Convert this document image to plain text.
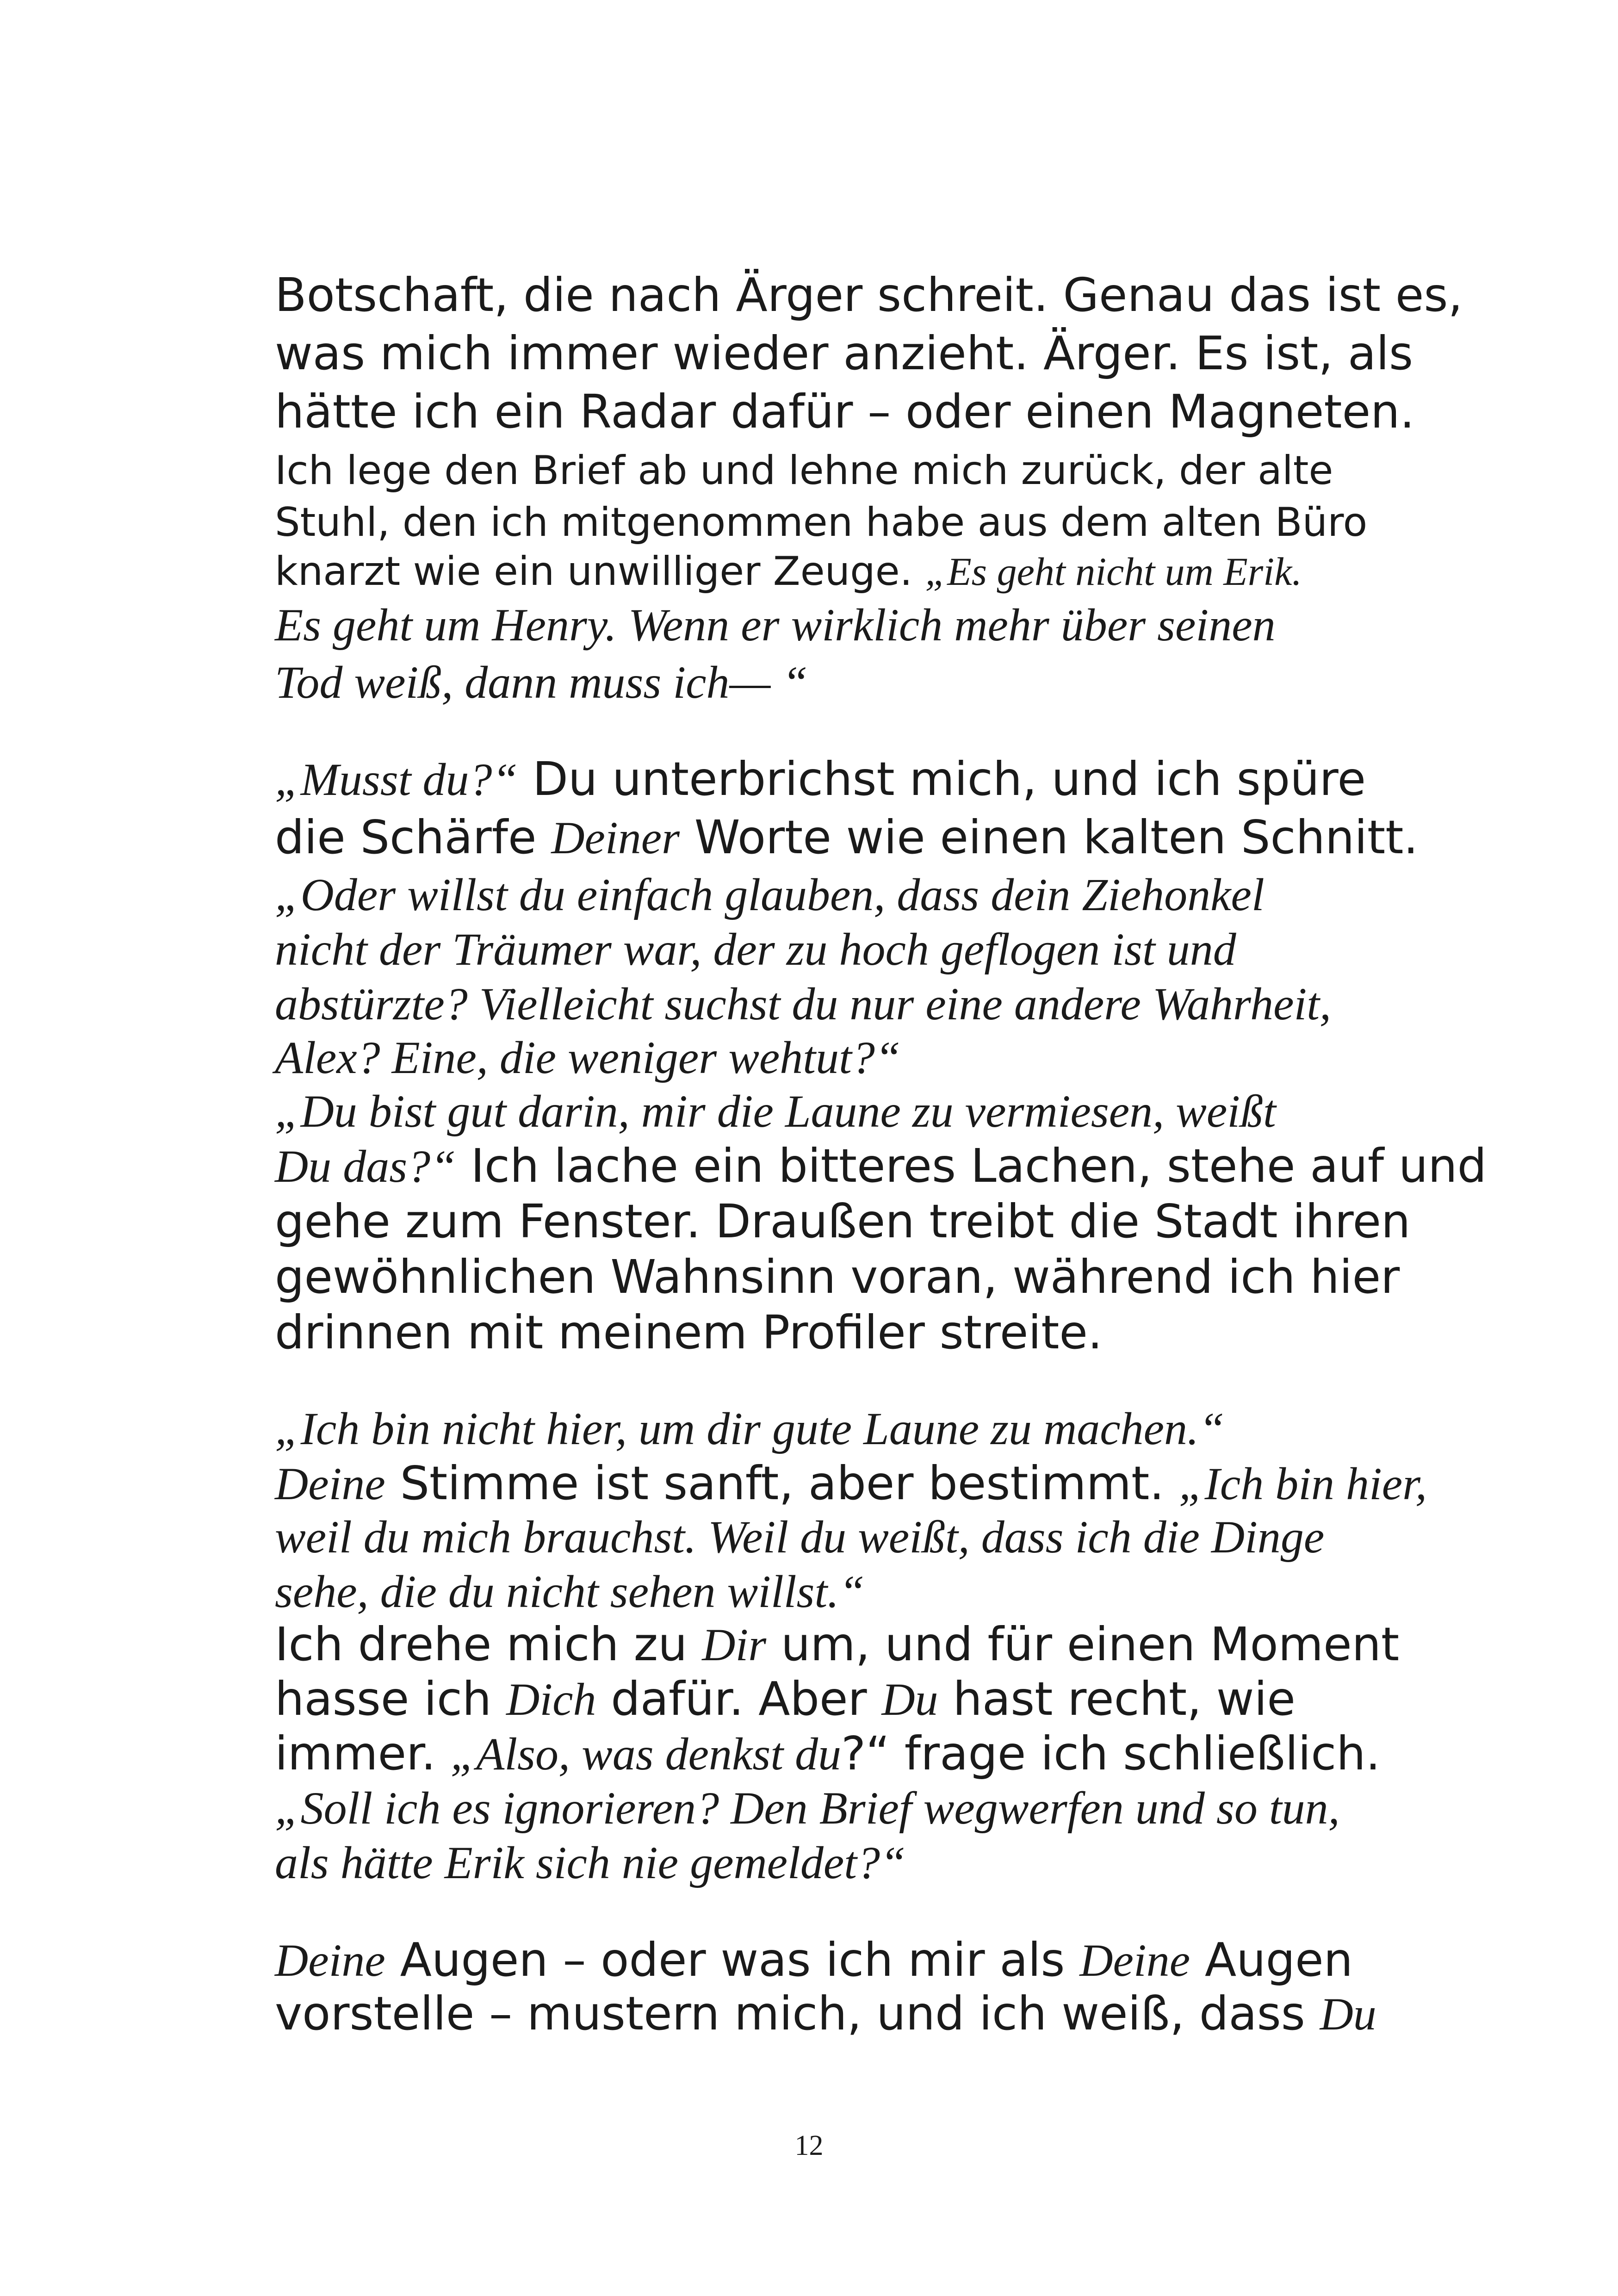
Botschaft, die nach Ärger schreit. Genau das ist es,
was mich immer wieder anzieht. Ärger. Es ist, als
hätte ich ein Radar dafür – oder einen Magneten.
Ich lege den Brief ab und lehne mich zurück, der alte
Stuhl, den ich mitgenommen habe aus dem alten Büro
knarzt wie ein unwilliger Zeuge. „Es geht nicht um Erik.
Es geht um Henry. Wenn er wirklich mehr über seinen
Tod weiß, dann muss ich— “
„Musst du?“ Du unterbrichst mich, und ich spüre
die Schärfe Deiner Worte wie einen kalten Schnitt.
„Oder willst du einfach glauben, dass dein Ziehonkel
nicht der Träumer war, der zu hoch geflogen ist und
abstürzte? Vielleicht suchst du nur eine andere Wahrheit,
Alex? Eine, die weniger wehtut?“
„Du bist gut darin, mir die Laune zu vermiesen, weißt
Du das?“ Ich lache ein bitteres Lachen, stehe auf und
gehe zum Fenster. Draußen treibt die Stadt ihren
gewöhnlichen Wahnsinn voran, während ich hier
drinnen mit meinem Profiler streite.
„Ich bin nicht hier, um dir gute Laune zu machen.“
Deine Stimme ist sanft, aber bestimmt. „Ich bin hier,
weil du mich brauchst. Weil du weißt, dass ich die Dinge
sehe, die du nicht sehen willst.“
Ich drehe mich zu Dir um, und für einen Moment
hasse ich Dich dafür. Aber Du hast recht, wie
immer. „Also, was denkst du?“ frage ich schließlich.
„Soll ich es ignorieren? Den Brief wegwerfen und so tun,
als hätte Erik sich nie gemeldet?“
Deine Augen – oder was ich mir als Deine Augen
vorstelle – mustern mich, und ich weiß, dass Du
12
